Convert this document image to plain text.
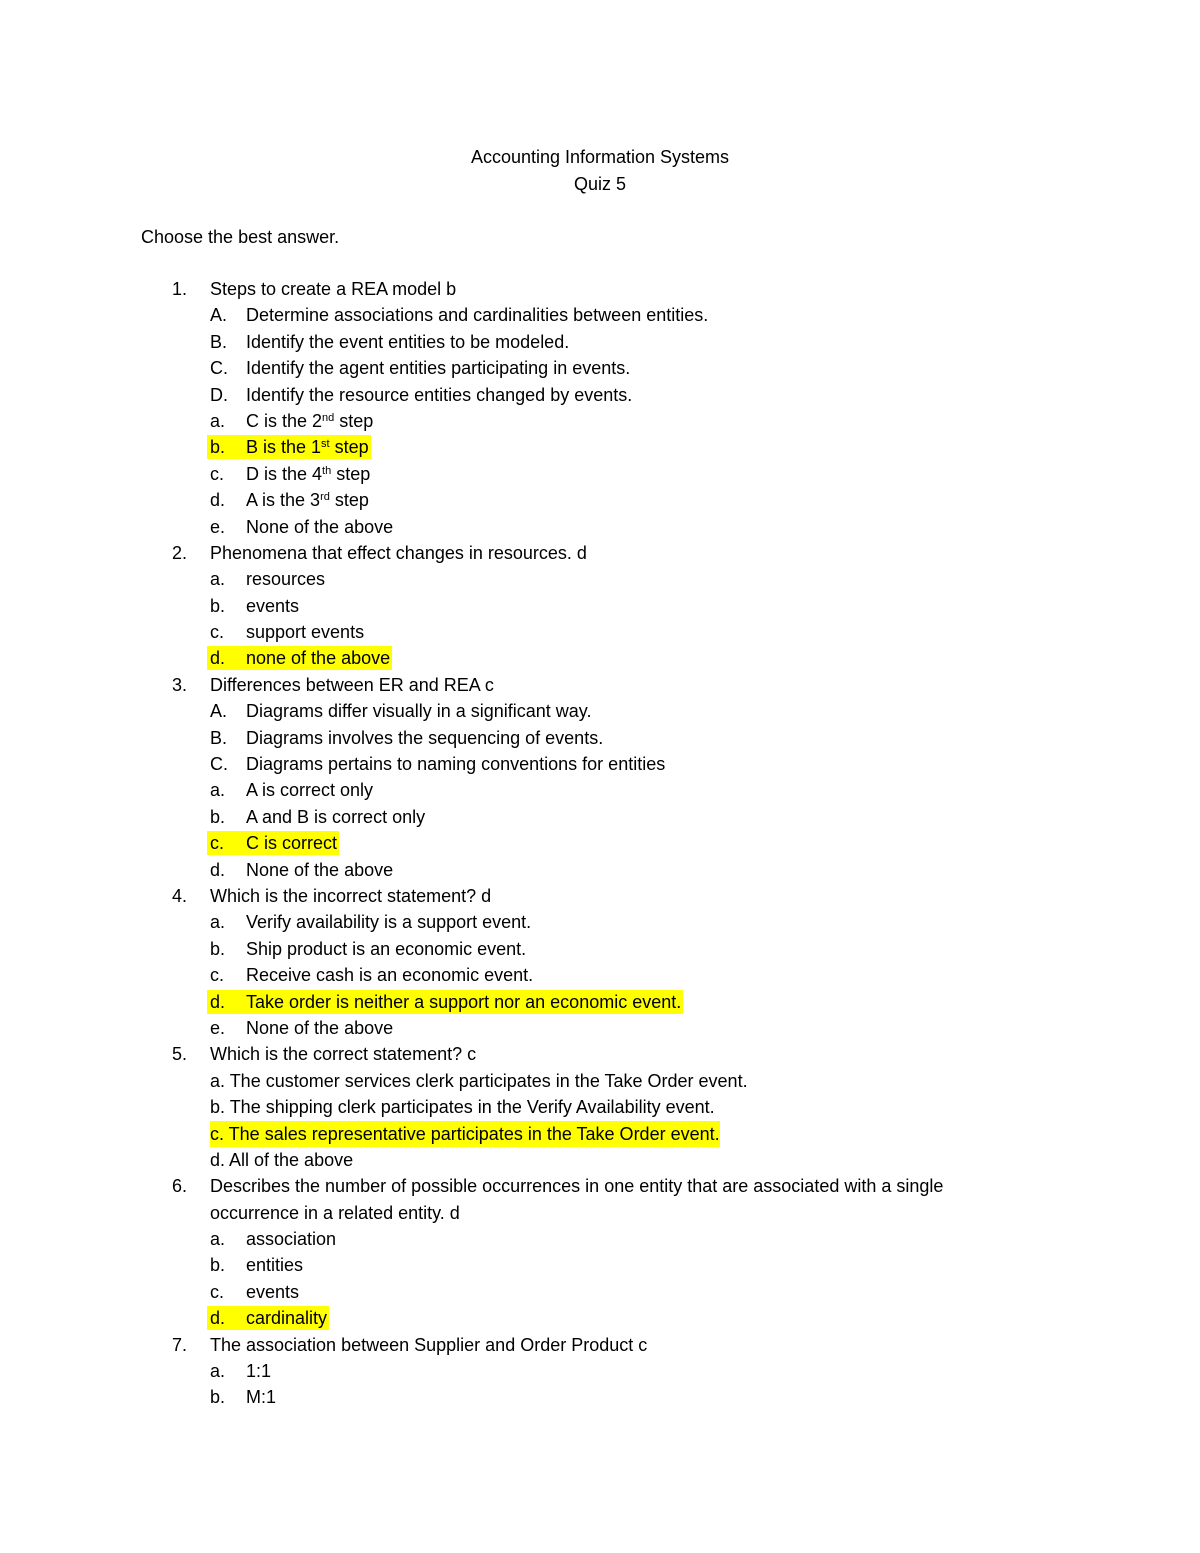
Accounting Information Systems
Quiz 5
Choose the best answer.
1. Steps to create a REA model b
A. Determine associations and cardinalities between entities.
B. Identify the event entities to be modeled.
C. Identify the agent entities participating in events.
D. Identify the resource entities changed by events.
a. C is the 2nd step
b. B is the 1st step
c. D is the 4th step
d. A is the 3rd step
e. None of the above
2. Phenomena that effect changes in resources. d
a. resources
b. events
c. support events
d. none of the above
3. Differences between ER and REA c
A. Diagrams differ visually in a significant way.
B. Diagrams involves the sequencing of events.
C. Diagrams pertains to naming conventions for entities
a. A is correct only
b. A and B is correct only
c. C is correct
d. None of the above
4. Which is the incorrect statement? d
a. Verify availability is a support event.
b. Ship product is an economic event.
c. Receive cash is an economic event.
d. Take order is neither a support nor an economic event.
e. None of the above
5. Which is the correct statement? c
a. The customer services clerk participates in the Take Order event.
b. The shipping clerk participates in the Verify Availability event.
c. The sales representative participates in the Take Order event.
d. All of the above
6. Describes the number of possible occurrences in one entity that are associated with a single
occurrence in a related entity. d
a. association
b. entities
c. events
d. cardinality
7. The association between Supplier and Order Product c
a. 1:1
b. M:1
